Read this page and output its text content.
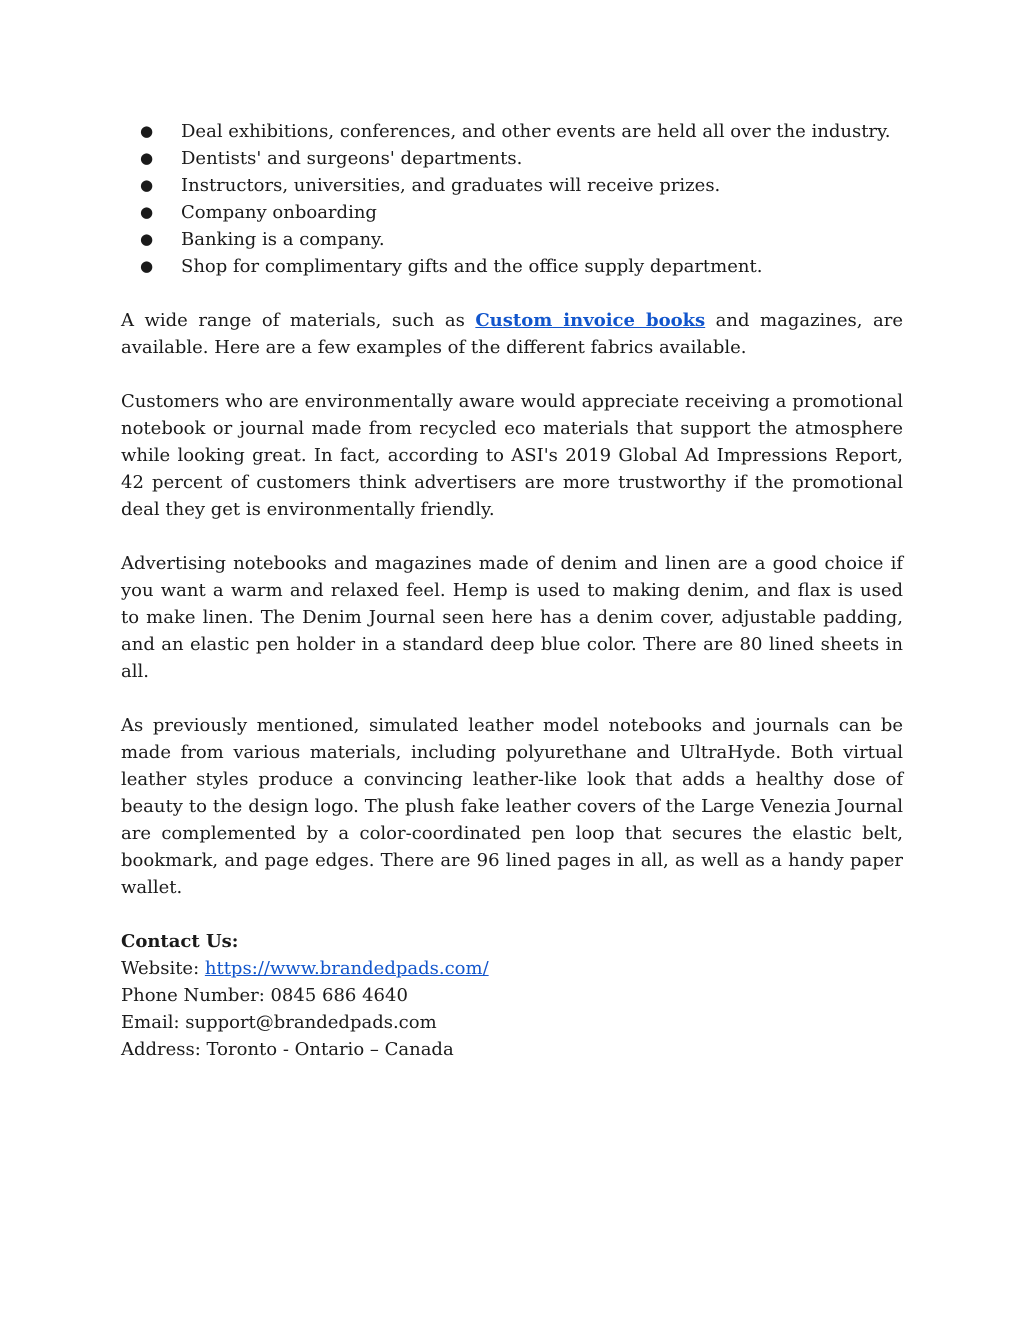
● Deal exhibitions, conferences, and other events are held all over the industry.
● Dentists' and surgeons' departments.
● Instructors, universities, and graduates will receive prizes.
● Company onboarding
● Banking is a company.
● Shop for complimentary gifts and the office supply department.

A wide range of materials, such as Custom invoice books and magazines, are available. Here are a few examples of the different fabrics available.

Customers who are environmentally aware would appreciate receiving a promotional notebook or journal made from recycled eco materials that support the atmosphere while looking great. In fact, according to ASI's 2019 Global Ad Impressions Report, 42 percent of customers think advertisers are more trustworthy if the promotional deal they get is environmentally friendly.

Advertising notebooks and magazines made of denim and linen are a good choice if you want a warm and relaxed feel. Hemp is used to making denim, and flax is used to make linen. The Denim Journal seen here has a denim cover, adjustable padding, and an elastic pen holder in a standard deep blue color. There are 80 lined sheets in all.

As previously mentioned, simulated leather model notebooks and journals can be made from various materials, including polyurethane and UltraHyde. Both virtual leather styles produce a convincing leather-like look that adds a healthy dose of beauty to the design logo. The plush fake leather covers of the Large Venezia Journal are complemented by a color-coordinated pen loop that secures the elastic belt, bookmark, and page edges. There are 96 lined pages in all, as well as a handy paper wallet.

Contact Us:
Website: https://www.brandedpads.com/
Phone Number: 0845 686 4640
Email: support@brandedpads.com
Address: Toronto - Ontario – Canada
